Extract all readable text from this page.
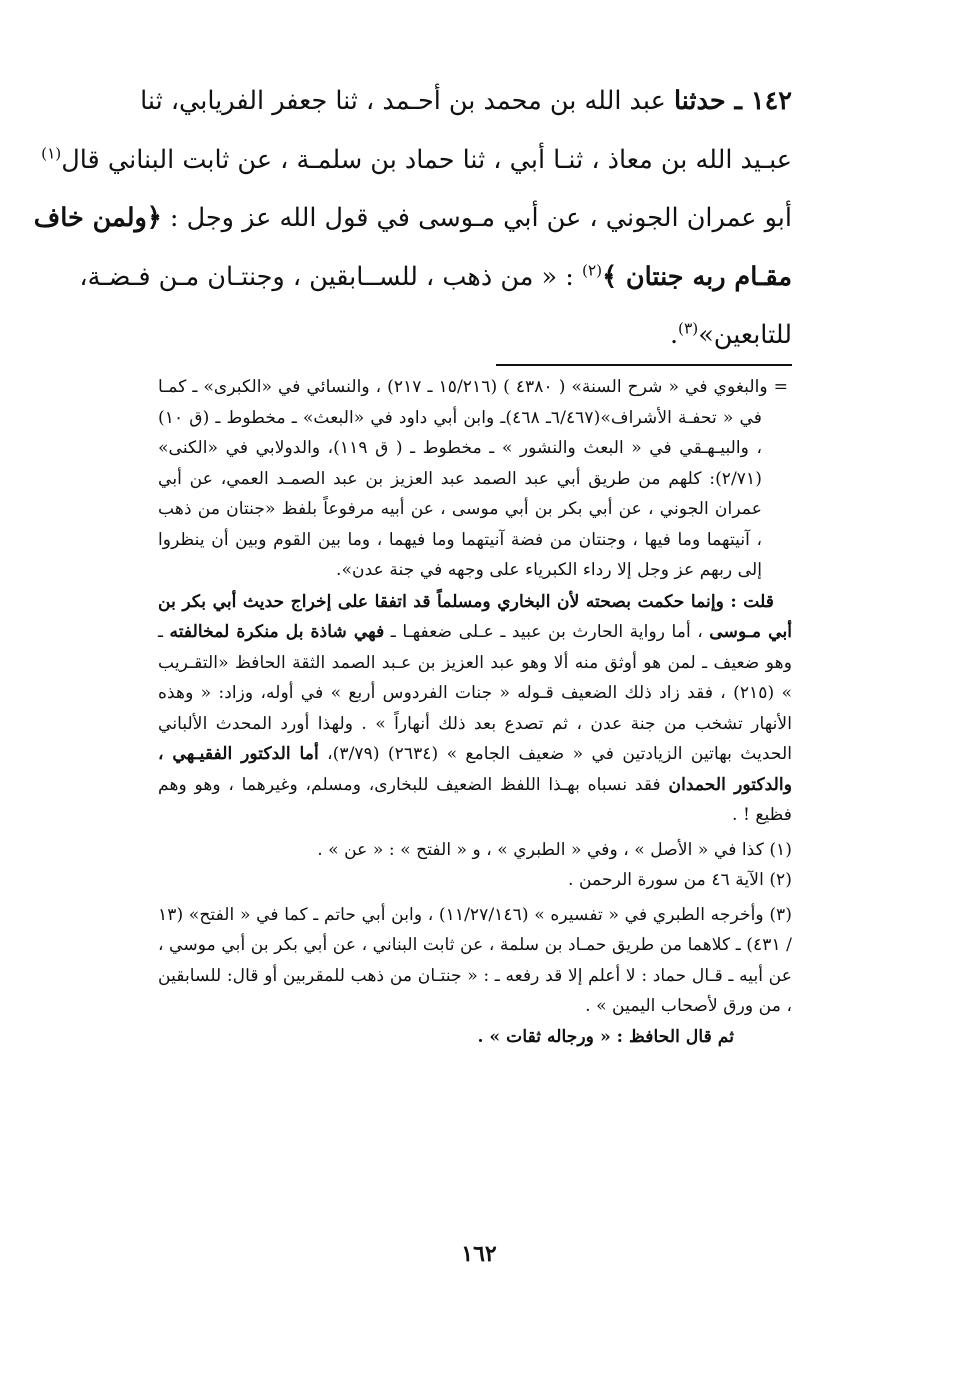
١٤٢ ـ حدثنا عبد الله بن محمد بن أحـمد ، ثنا جعفر الفريابي، ثنا
عبـيد الله بن معاذ ، ثنـا أبي ، ثنا حماد بن سلمـة ، عن ثابت البناني قال$^{(١)}$
أبو عمران الجوني ، عن أبي مـوسى في قول الله عز وجل : ﴿ولمن خاف
مقـام ربه جنتان ﴾$^{(٢)}$ : « من ذهب ، للســابقين ، وجنتـان مـن فـضـة،
للتابعين»$^{(٣)}$.

= والبغوي في « شرح السنة» ( ٤٣٨٠ ) (١٥/٢١٦ ـ ٢١٧) ، والنسائي في «الكبرى» ـ كمـا في « تحفـة الأشراف»(٦/٤٦٧ـ ٤٦٨)ـ وابن أبي داود في «البعث» ـ مخطوط ـ (ق ١٠) ، والبيـهـقي في « البعث والنشور » ـ مخطوط ـ ( ق ١١٩)، والدولابي في «الكنى» (٢/٧١): كلهم من طريق أبي عبد الصمد عبد العزيز بن عبد الصمـد العمي، عن أبي عمران الجوني ، عن أبي بكر بن أبي موسى ، عن أبيه مرفوعاً بلفظ «جنتان من ذهب ، آنيتهما وما فيها ، وجنتان من فضة آنيتهما وما فيهما ، وما بين القوم وبين أن ينظروا إلى ربهم عز وجل إلا رداء الكبرياء على وجهه في جنة عدن».

قلت : وإنما حكمت بصحته لأن البخاري ومسلماً قد اتفقا على إخراج حديث أبي بكر بن أبي مـوسى ، أما رواية الحارث بن عبيد ـ عـلى ضعفهـا ـ فهي شاذة بل منكرة لمخالفته ـ وهو ضعيف ـ لمن هو أوثق منه ألا وهو عبد العزيز بن عـبد الصمد الثقة الحافظ «التقـريب » (٢١٥) ، فقد زاد ذلك الضعيف قـوله « جنات الفردوس أربع » في أوله، وزاد: « وهذه الأنهار تشخب من جنة عدن ، ثم تصدع بعد ذلك أنهاراً » . ولهذا أورد المحدث الألباني الحديث بهاتين الزيادتين في « ضعيف الجامع » (٢٦٣٤) (٣/٧٩)، أما الدكتور الفقيـهي ، والدكتور الحمدان فقد نسباه بهـذا اللفظ الضعيف للبخارى، ومسلم، وغيرهما ، وهو وهم فظيع ! .

(١) كذا في « الأصل » ، وفي « الطبري » ، و « الفتح » : « عن » .

(٢) الآية ٤٦ من سورة الرحمن .

(٣) وأخرجه الطبري في « تفسيره » (١١/٢٧/١٤٦) ، وابن أبي حاتم ـ كما في « الفتح» (١٣ / ٤٣١) ـ كلاهما من طريق حمـاد بن سلمة ، عن ثابت البناني ، عن أبي بكر بن أبي موسي ، عن أبيه ـ قـال حماد : لا أعلم إلا قد رفعه ـ : « جنتـان من ذهب للمقربين أو قال: للسابقين ، من ورق لأصحاب اليمين » .

ثم قال الحافظ : « ورجاله ثقات » .

١٦٢
